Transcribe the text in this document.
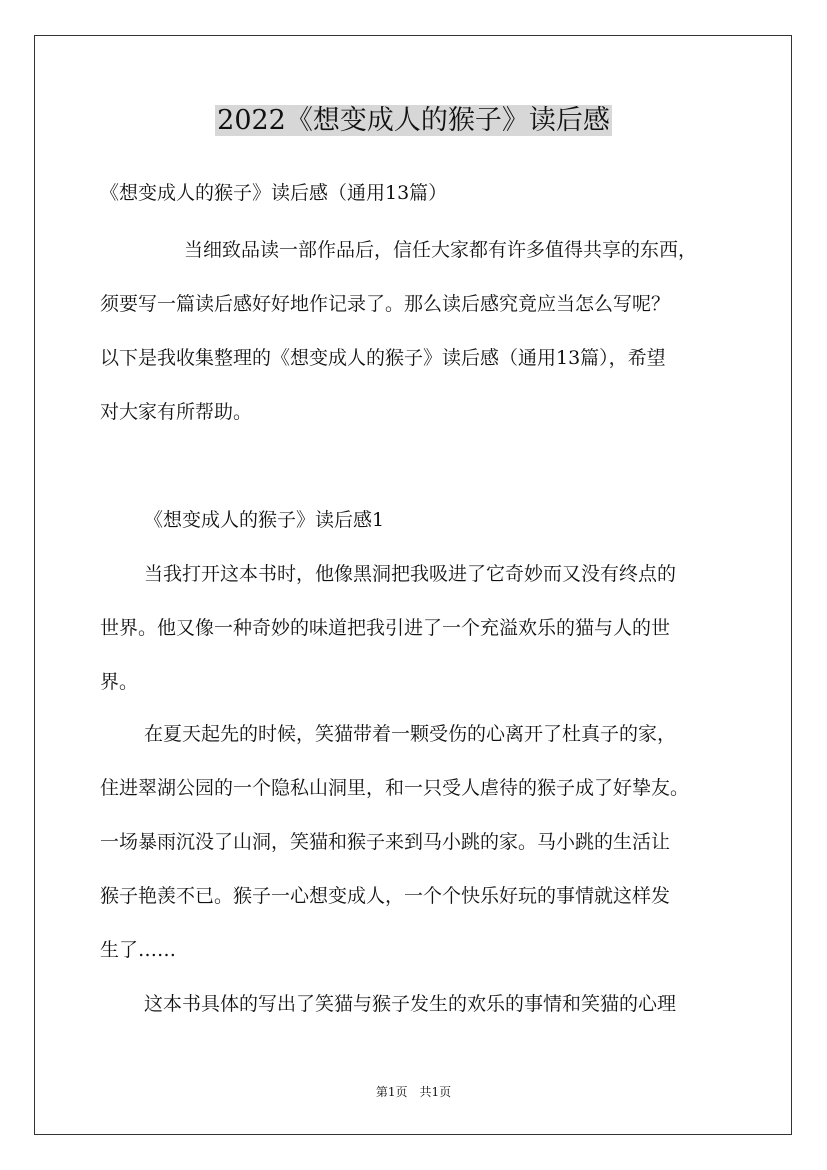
2022《想变成人的猴子》读后感
《想变成人的猴子》读后感（通用13篇）
当细致品读一部作品后，信任大家都有许多值得共享的东西，
须要写一篇读后感好好地作记录了。那么读后感究竟应当怎么写呢？
以下是我收集整理的《想变成人的猴子》读后感（通用13篇），希望
对大家有所帮助。
《想变成人的猴子》读后感1
当我打开这本书时，他像黑洞把我吸进了它奇妙而又没有终点的
世界。他又像一种奇妙的味道把我引进了一个充溢欢乐的猫与人的世
界。
在夏天起先的时候，笑猫带着一颗受伤的心离开了杜真子的家，
住进翠湖公园的一个隐私山洞里，和一只受人虐待的猴子成了好挚友。
一场暴雨沉没了山洞，笑猫和猴子来到马小跳的家。马小跳的生活让
猴子艳羡不已。猴子一心想变成人，一个个快乐好玩的事情就这样发
生了……
这本书具体的写出了笑猫与猴子发生的欢乐的事情和笑猫的心理
第1页　共1页
